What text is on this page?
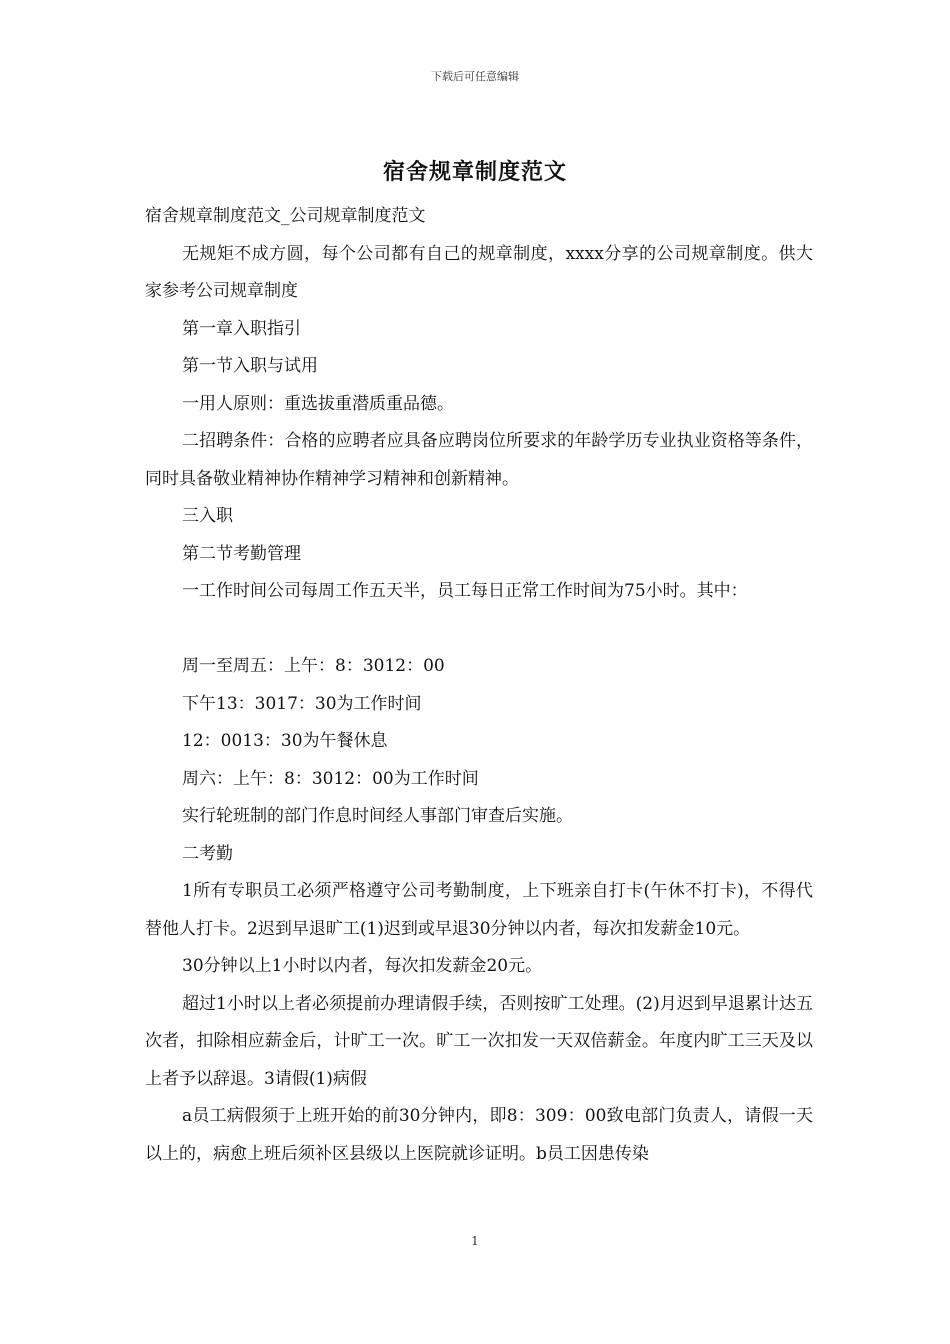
下载后可任意编辑
宿舍规章制度范文

宿舍规章制度范文_公司规章制度范文

无规矩不成方圆，每个公司都有自己的规章制度，xxxx分享的公司规章制度。供大家参考公司规章制度

第一章入职指引

第一节入职与试用

一用人原则：重选拔重潜质重品德。

二招聘条件：合格的应聘者应具备应聘岗位所要求的年龄学历专业执业资格等条件，同时具备敬业精神协作精神学习精神和创新精神。

三入职

第二节考勤管理

一工作时间公司每周工作五天半，员工每日正常工作时间为75小时。其中：

周一至周五：上午：8：3012：00

下午13：3017：30为工作时间

12：0013：30为午餐休息

周六：上午：8：3012：00为工作时间

实行轮班制的部门作息时间经人事部门审查后实施。

二考勤

1所有专职员工必须严格遵守公司考勤制度，上下班亲自打卡(午休不打卡)，不得代替他人打卡。2迟到早退旷工(1)迟到或早退30分钟以内者，每次扣发薪金10元。

30分钟以上1小时以内者，每次扣发薪金20元。

超过1小时以上者必须提前办理请假手续，否则按旷工处理。(2)月迟到早退累计达五次者，扣除相应薪金后，计旷工一次。旷工一次扣发一天双倍薪金。年度内旷工三天及以上者予以辞退。3请假(1)病假

a员工病假须于上班开始的前30分钟内，即8：309：00致电部门负责人，请假一天以上的，病愈上班后须补区县级以上医院就诊证明。b员工因患传染

1
